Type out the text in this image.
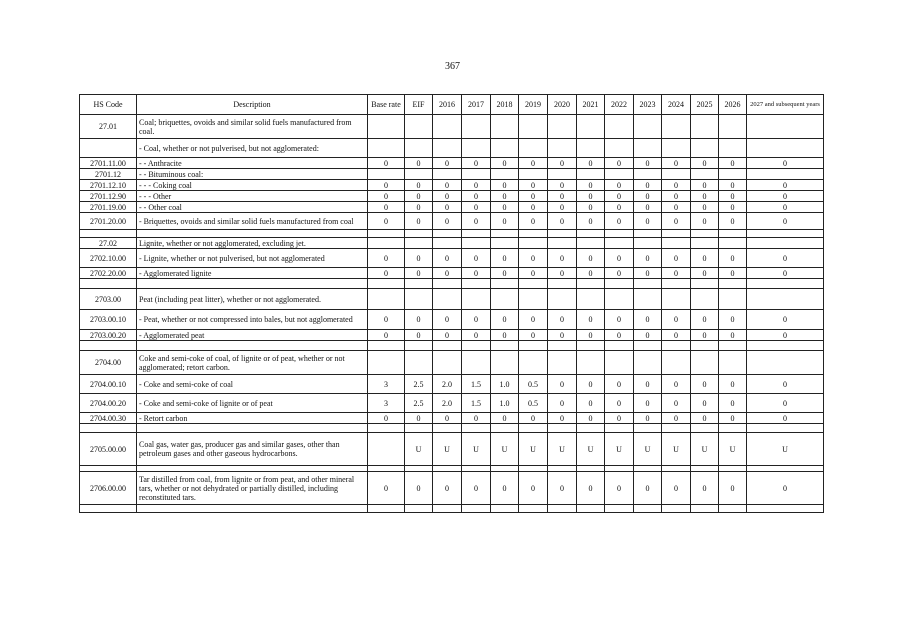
367
HS Code	Description	Base rate	EIF	2016	2017	2018	2019	2020	2021	2022	2023	2024	2025	2026	2027 and subsequent years
27.01	Coal; briquettes, ovoids and similar solid fuels manufactured from coal.														
	- Coal, whether or not pulverised, but not agglomerated:														
2701.11.00	- - Anthracite	0	0	0	0	0	0	0	0	0	0	0	0	0	0
2701.12	- - Bituminous coal:														
2701.12.10	- - - Coking coal	0	0	0	0	0	0	0	0	0	0	0	0	0	0
2701.12.90	- - - Other	0	0	0	0	0	0	0	0	0	0	0	0	0	0
2701.19.00	- - Other coal	0	0	0	0	0	0	0	0	0	0	0	0	0	0
2701.20.00	- Briquettes, ovoids and similar solid fuels manufactured from coal	0	0	0	0	0	0	0	0	0	0	0	0	0	0

27.02	Lignite, whether or not agglomerated, excluding jet.														
2702.10.00	- Lignite, whether or not pulverised, but not agglomerated	0	0	0	0	0	0	0	0	0	0	0	0	0	0
2702.20.00	- Agglomerated lignite	0	0	0	0	0	0	0	0	0	0	0	0	0	0

2703.00	Peat (including peat litter), whether or not agglomerated.														
2703.00.10	- Peat, whether or not compressed into bales, but not agglomerated	0	0	0	0	0	0	0	0	0	0	0	0	0	0
2703.00.20	- Agglomerated peat	0	0	0	0	0	0	0	0	0	0	0	0	0	0

2704.00	Coke and semi-coke of coal, of lignite or of peat, whether or not agglomerated; retort carbon.														
2704.00.10	- Coke and semi-coke of coal	3	2.5	2.0	1.5	1.0	0.5	0	0	0	0	0	0	0	0
2704.00.20	- Coke and semi-coke of lignite or of peat	3	2.5	2.0	1.5	1.0	0.5	0	0	0	0	0	0	0	0
2704.00.30	- Retort carbon	0	0	0	0	0	0	0	0	0	0	0	0	0	0

2705.00.00	Coal gas, water gas, producer gas and similar gases, other than petroleum gases and other gaseous hydrocarbons.		U	U	U	U	U	U	U	U	U	U	U	U	U

2706.00.00	Tar distilled from coal, from lignite or from peat, and other mineral tars, whether or not dehydrated or partially distilled, including reconstituted tars.	0	0	0	0	0	0	0	0	0	0	0	0	0	0
